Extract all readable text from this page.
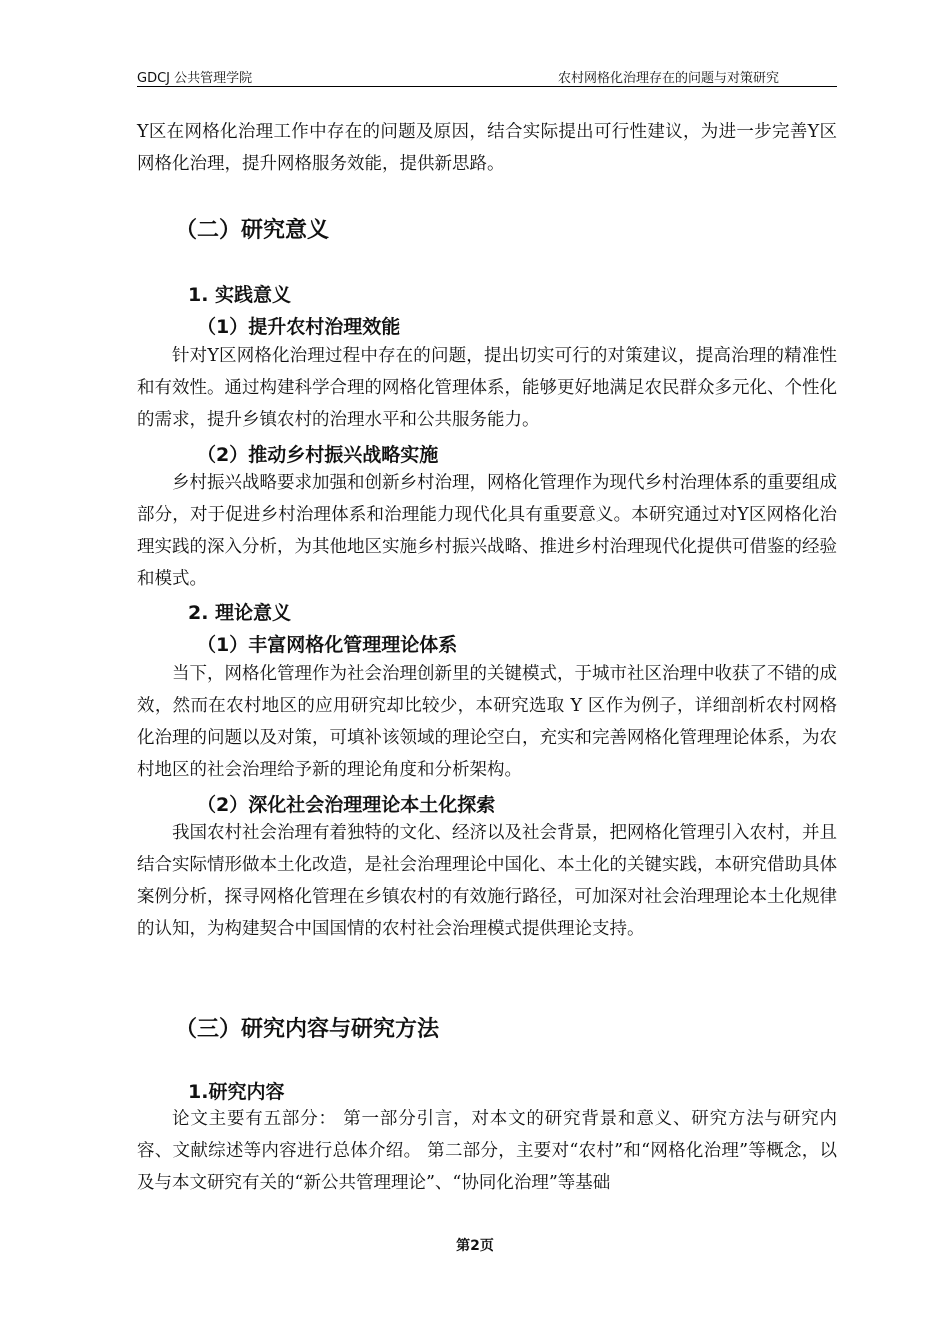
GDCJ 公共管理学院	农村网格化治理存在的问题与对策研究

Y区在网格化治理工作中存在的问题及原因，结合实际提出可行性建议，为进一步完善Y区网格化治理，提升网格服务效能，提供新思路。

（二）研究意义
1. 实践意义
（1）提升农村治理效能

针对Y区网格化治理过程中存在的问题，提出切实可行的对策建议，提高治理的精准性和有效性。通过构建科学合理的网格化管理体系，能够更好地满足农民群众多元化、个性化的需求，提升乡镇农村的治理水平和公共服务能力。

（2）推动乡村振兴战略实施

乡村振兴战略要求加强和创新乡村治理，网格化管理作为现代乡村治理体系的重要组成部分，对于促进乡村治理体系和治理能力现代化具有重要意义。本研究通过对Y区网格化治理实践的深入分析，为其他地区实施乡村振兴战略、推进乡村治理现代化提供可借鉴的经验和模式。

2. 理论意义
（1）丰富网格化管理理论体系

当下，网格化管理作为社会治理创新里的关键模式，于城市社区治理中收获了不错的成效，然而在农村地区的应用研究却比较少，本研究选取 Y 区作为例子，详细剖析农村网格化治理的问题以及对策，可填补该领域的理论空白，充实和完善网格化管理理论体系，为农村地区的社会治理给予新的理论角度和分析架构。

（2）深化社会治理理论本土化探索

我国农村社会治理有着独特的文化、经济以及社会背景，把网格化管理引入农村，并且结合实际情形做本土化改造，是社会治理理论中国化、本土化的关键实践，本研究借助具体案例分析，探寻网格化管理在乡镇农村的有效施行路径，可加深对社会治理理论本土化规律的认知，为构建契合中国国情的农村社会治理模式提供理论支持。

（三）研究内容与研究方法
1.研究内容

论文主要有五部分： 第一部分引言，对本文的研究背景和意义、研究方法与研究内容、文献综述等内容进行总体介绍。 第二部分，主要对“农村”和“网格化治理”等概念，以及与本文研究有关的“新公共管理理论”、“协同化治理”等基础

第2页
